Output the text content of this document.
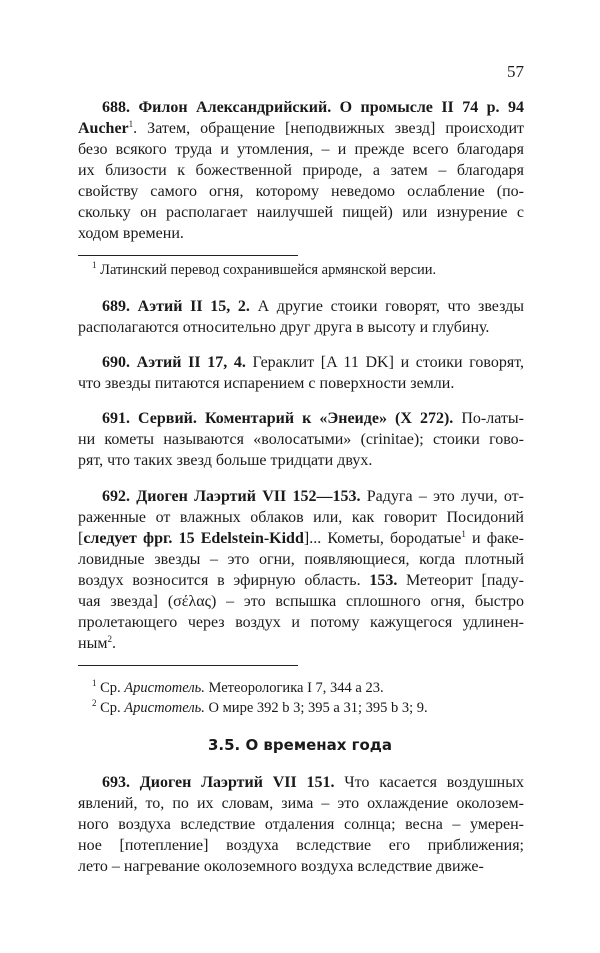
57
688. Филон Александрийский. О промысле II 74 р. 94
Aucher$^1$. Затем, обращение [неподвижных звезд] происходит
безо всякого труда и утомления, – и прежде всего благодаря
их близости к божественной природе, а затем – благодаря
свойству самого огня, которому неведомо ослабление (по-
скольку он располагает наилучшей пищей) или изнурение с
ходом времени.
$^1$ Латинский перевод сохранившейся армянской версии.
689. Аэтий II 15, 2. А другие стоики говорят, что звезды
располагаются относительно друг друга в высоту и глубину.
690. Аэтий II 17, 4. Гераклит [A 11 DK] и стоики говорят,
что звезды питаются испарением с поверхности земли.
691. Сервий. Коментарий к «Энеиде» (X 272). По-латы-
ни кометы называются «волосатыми» (crinitae); стоики гово-
рят, что таких звезд больше тридцати двух.
692. Диоген Лаэртий VII 152—153. Радуга – это лучи, от-
раженные от влажных облаков или, как говорит Посидоний
[следует фрг. 15 Edelstein-Kidd]... Кометы, бородатые$^1$ и факе-
ловидные звезды – это огни, появляющиеся, когда плотный
воздух возносится в эфирную область. 153. Метеорит [паду-
чая звезда] (σέλας) – это вспышка сплошного огня, быстро
пролетающего через воздух и потому кажущегося удлинен-
ным$^2$.
$^1$ Ср. Аристотель. Метеорологика I 7, 344 а 23.
$^2$ Ср. Аристотель. О мире 392 b 3; 395 а 31; 395 b 3; 9.
3.5. О временах года
693. Диоген Лаэртий VII 151. Что касается воздушных
явлений, то, по их словам, зима – это охлаждение околозем-
ного воздуха вследствие отдаления солнца; весна – умерен-
ное [потепление] воздуха вследствие его приближения;
лето – нагревание околоземного воздуха вследствие движе-
